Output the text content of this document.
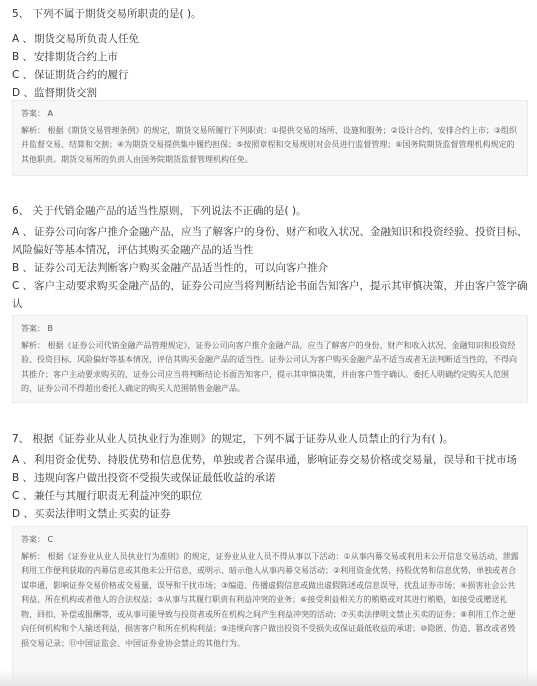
5、 下列不属于期货交易所职责的是( )。

A 、期货交易所负责人任免

B 、安排期货合约上市

C 、保证期货合约的履行

D 、监督期货交割

答案： A
解析： 根据《期货交易管理条例》的规定，期货交易所履行下列职责：①提供交易的场所、设施和服务；②设计合约，安排合约上市；③组织并监督交易、结算和交割；④为期货交易提供集中履约担保；⑤按照章程和交易规则对会员进行监督管理；⑥国务院期货监督管理机构规定的其他职责。期货交易所的负责人由国务院期货监督管理机构任免。

6、 关于代销金融产品的适当性原则，下列说法不正确的是( )。

A 、证券公司向客户推介金融产品，应当了解客户的身份、财产和收入状况、金融知识和投资经验、投资目标、风险偏好等基本情况，评估其购买金融产品的适当性

B 、证券公司无法判断客户购买金融产品适当性的，可以向客户推介

C 、客户主动要求购买金融产品的，证券公司应当将判断结论书面告知客户，提示其审慎决策，并由客户签字确认

答案： B
解析： 根据《证券公司代销金融产品管理规定》，证券公司向客户推介金融产品，应当了解客户的身份、财产和收入状况、金融知识和投资经验、投资目标、风险偏好等基本情况，评估其购买金融产品的适当性。证券公司认为客户购买金融产品不适当或者无法判断适当性的，不得向其推介；客户主动要求购买的，证券公司应当将判断结论书面告知客户，提示其审慎决策，并由客户签字确认。委托人明确约定购买人范围的，证券公司不得超出委托人确定的购买人范围销售金融产品。

7、 根据《证券业从业人员执业行为准则》的规定，下列不属于证券从业人员禁止的行为有( )。

A 、利用资金优势、持股优势和信息优势，单独或者合谋串通，影响证券交易价格或交易量，误导和干扰市场

B 、违规向客户做出投资不受损失或保证最低收益的承诺

C 、兼任与其履行职责无利益冲突的职位

D 、买卖法律明文禁止买卖的证券

答案： C
解析： 根据《证券业从业人员执业行为准则》的规定，证券业从业人员不得从事以下活动：①从事内幕交易或利用未公开信息交易活动，泄露利用工作便利获取的内幕信息或其他未公开信息，或明示、暗示他人从事内幕交易活动；②利用资金优势、持股优势和信息优势，单独或者合谋串通，影响证券交易价格或交易量，误导和干扰市场；③编造、传播虚假信息或做出虚假陈述或信息误导，扰乱证券市场；④损害社会公共利益、所在机构或者他人的合法权益；⑤从事与其履行职责有利益冲突的业务；⑥接受利益相关方的贿赂或对其进行贿赂，如接受或赠送礼物、回扣、补偿或报酬等，或从事可能导致与投资者或所在机构之间产生利益冲突的活动；⑦买卖法律明文禁止买卖的证券；⑧利用工作之便向任何机构和个人输送利益，损害客户和所在机构利益；⑨违规向客户做出投资不受损失或保证最低收益的承诺；⑩隐匿、伪造、篡改或者毁损交易记录；⑪中国证监会、中国证券业协会禁止的其他行为。
